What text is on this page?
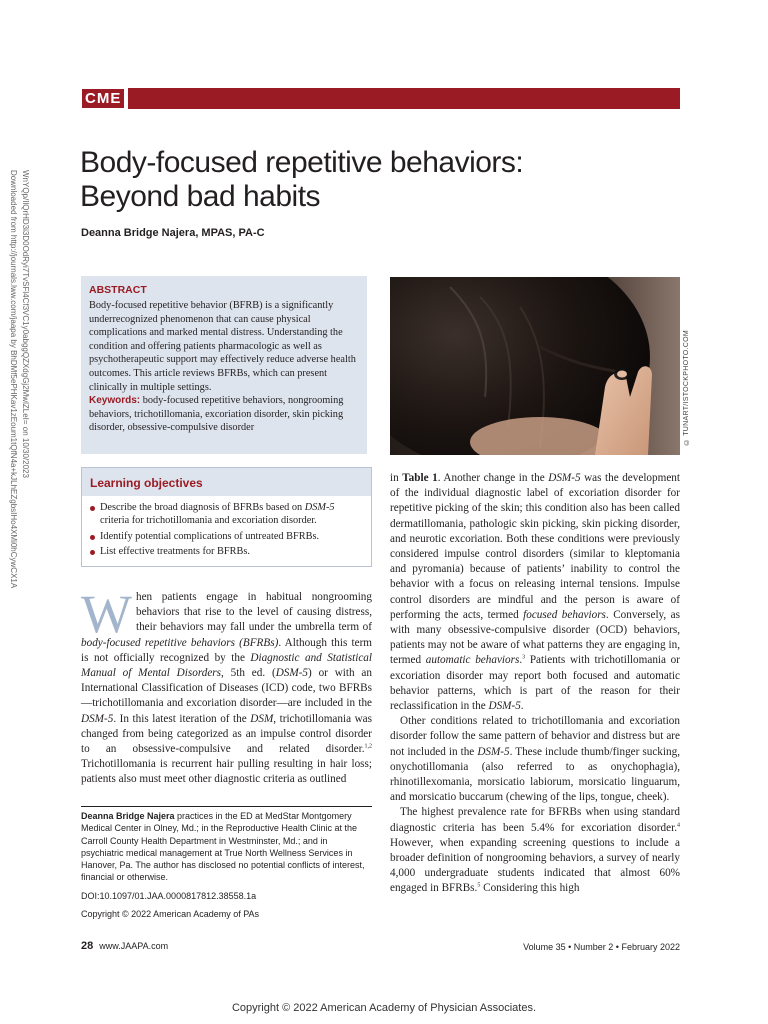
CME
Downloaded from http://journals.lww.com/jaapa by BhDMf5ePHKav1zEoum1tQfN4a+kJLhEZgbsIHo4XMi0hCywCX1A WnYQp/IlQrHD3i3D0OdRyi7TvSFl4Cf3VC1y0abggQZXdgGj2MwlZLeI= on 10/30/2023
Body-focused repetitive behaviors: Beyond bad habits
Deanna Bridge Najera, MPAS, PA-C
ABSTRACT

Body-focused repetitive behavior (BFRB) is a significantly underrecognized phenomenon that can cause physical complications and marked mental distress. Understanding the condition and offering patients pharmacologic as well as psychotherapeutic support may effectively reduce adverse health outcomes. This article reviews BFRBs, which can present clinically in multiple settings.

Keywords: body-focused repetitive behaviors, nongrooming behaviors, trichotillomania, excoriation disorder, skin picking disorder, obsessive-compulsive disorder	© TUNART/ISTOCKPHOTO.COM
Learning objectives
Describe the broad diagnosis of BFRBs based on DSM-5 criteria for trichotillomania and excoriation disorder.
Identify potential complications of untreated BFRBs.
List effective treatments for BFRBs.

When patients engage in habitual nongrooming behaviors that rise to the level of causing distress, their behaviors may fall under the umbrella term of body-focused repetitive behaviors (BFRBs). Although this term is not officially recognized by the Diagnostic and Statistical Manual of Mental Disorders, 5th ed. (DSM-5) or with an International Classification of Diseases (ICD) code, two BFRBs—trichotillomania and excoriation disorder—are included in the DSM-5. In this latest iteration of the DSM, trichotillomania was changed from being categorized as an impulse control disorder to an obsessive-compulsive and related disorder.$^{1,2}$ Trichotillomania is recurrent hair pulling resulting in hair loss; patients also must meet other diagnostic criteria as outlined

in Table 1. Another change in the DSM-5 was the development of the individual diagnostic label of excoriation disorder for repetitive picking of the skin; this condition also has been called dermatillomania, pathologic skin picking, skin picking disorder, and neurotic excoriation. Both these conditions were previously considered impulse control disorders (similar to kleptomania and pyromania) because of patients’ inability to control the behavior with a focus on releasing internal tensions. Impulse control disorders are mindful and the person is aware of performing the acts, termed focused behaviors. Conversely, as with many obsessive-compulsive disorder (OCD) behaviors, patients may not be aware of what patterns they are engaging in, termed automatic behaviors.$^3$ Patients with trichotillomania or excoriation disorder may report both focused and automatic behavior patterns, which is part of the reason for their reclassification in the DSM-5.

Other conditions related to trichotillomania and excoriation disorder follow the same pattern of behavior and distress but are not included in the DSM-5. These include thumb/finger sucking, onychotillomania (also referred to as onychophagia), rhinotillexomania, morsicatio labiorum, morsicatio linguarum, and morsicatio buccarum (chewing of the lips, tongue, cheek).

The highest prevalence rate for BFRBs when using standard diagnostic criteria has been 5.4% for excoriation disorder.$^4$ However, when expanding screening questions to include a broader definition of nongrooming behaviors, a survey of nearly 4,000 undergraduate students indicated that almost 60% engaged in BFRBs.$^5$ Considering this high

Deanna Bridge Najera practices in the ED at MedStar Montgomery Medical Center in Olney, Md.; in the Reproductive Health Clinic at the Carroll County Health Department in Westminster, Md.; and in psychiatric medical management at True North Wellness Services in Hanover, Pa. The author has disclosed no potential conflicts of interest, financial or otherwise.

DOI:10.1097/01.JAA.0000817812.38558.1a

Copyright © 2022 American Academy of PAs

28 www.JAAPA.com	Volume 35 • Number 2 • February 2022
Copyright © 2022 American Academy of Physician Associates.
